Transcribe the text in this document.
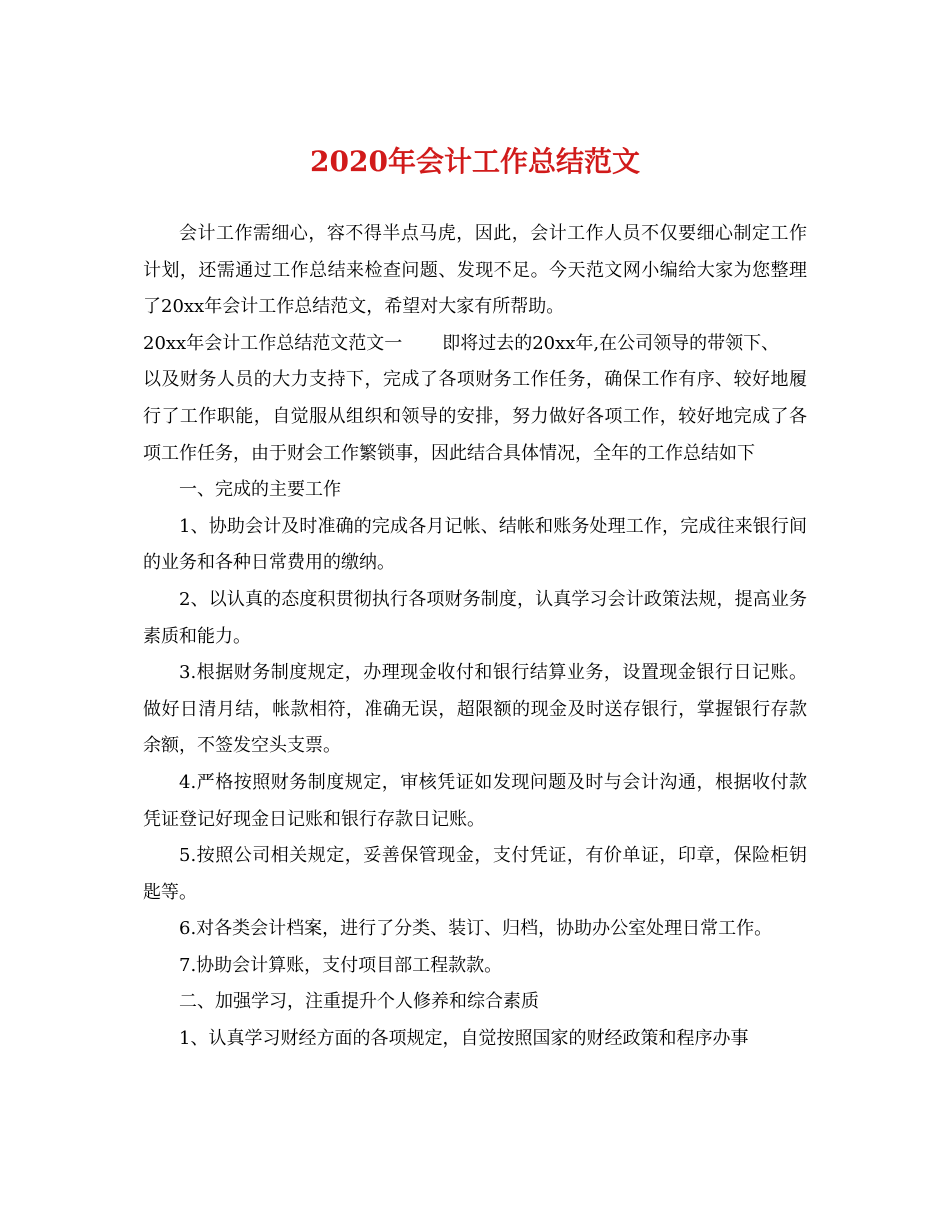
2020年会计工作总结范文

会计工作需细心，容不得半点马虎，因此，会计工作人员不仅要细心制定工作计划，还需通过工作总结来检查问题、发现不足。今天范文网小编给大家为您整理了20xx年会计工作总结范文，希望对大家有所帮助。

20xx年会计工作总结范文范文一 即将过去的20xx年,在公司领导的带领下、

以及财务人员的大力支持下，完成了各项财务工作任务，确保工作有序、较好地履行了工作职能，自觉服从组织和领导的安排，努力做好各项工作，较好地完成了各项工作任务，由于财会工作繁锁事，因此结合具体情况，全年的工作总结如下

一、完成的主要工作

1、协助会计及时准确的完成各月记帐、结帐和账务处理工作，完成往来银行间的业务和各种日常费用的缴纳。

2、以认真的态度积贯彻执行各项财务制度，认真学习会计政策法规，提高业务素质和能力。

3.根据财务制度规定，办理现金收付和银行结算业务，设置现金银行日记账。做好日清月结，帐款相符，准确无误，超限额的现金及时送存银行，掌握银行存款余额，不签发空头支票。

4.严格按照财务制度规定，审核凭证如发现问题及时与会计沟通，根据收付款凭证登记好现金日记账和银行存款日记账。

5.按照公司相关规定，妥善保管现金，支付凭证，有价单证，印章，保险柜钥匙等。

6.对各类会计档案，进行了分类、装订、归档，协助办公室处理日常工作。

7.协助会计算账，支付项目部工程款款。

二、加强学习，注重提升个人修养和综合素质

1、认真学习财经方面的各项规定，自觉按照国家的财经政策和程序办事
